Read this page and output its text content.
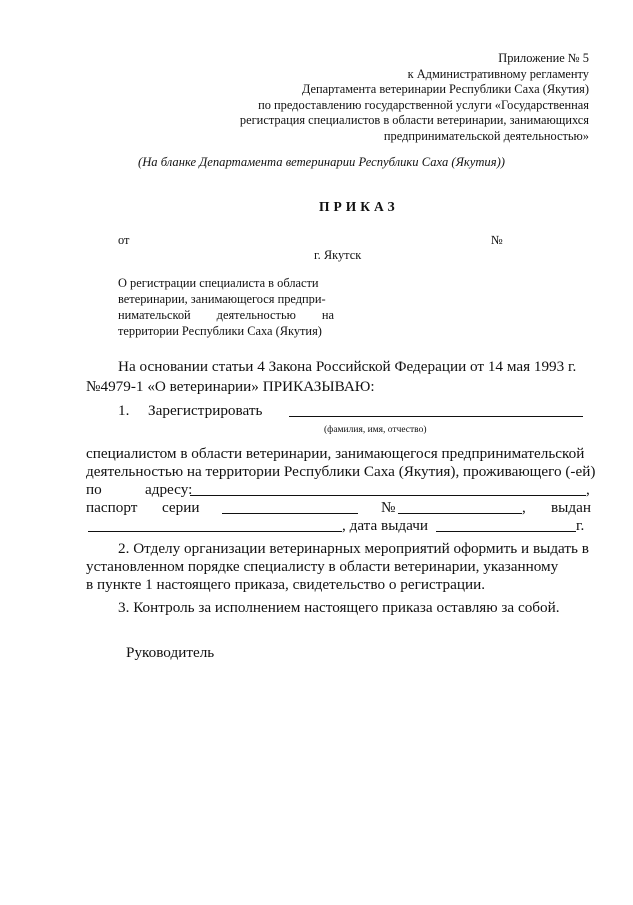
Приложение № 5
к Административному регламенту
Департамента ветеринарии Республики Саха (Якутия)
по предоставлению государственной услуги «Государственная
регистрация специалистов в области ветеринарии, занимающихся
предпринимательской деятельностью»
(На бланке Департамента ветеринарии Республики Саха (Якутия))
ПРИКАЗ
от	№
г. Якутск
О регистрации специалиста в области
ветеринарии, занимающегося предпри-
нимательской деятельностью на
территории Республики Саха (Якутия)
На основании статьи 4 Закона Российской Федерации от 14 мая 1993 г.
№4979-1 «О ветеринарии» ПРИКАЗЫВАЮ:
1. Зарегистрировать
(фамилия, имя, отчество)
специалистом в области ветеринарии, занимающегося предпринимательской
деятельностью на территории Республики Саха (Якутия), проживающего (-ей)
по	адресу:	,
паспорт серии	№	, выдан
, дата выдачи	г.
2. Отделу организации ветеринарных мероприятий оформить и выдать в
установленном порядке специалисту в области ветеринарии, указанному
в пункте 1 настоящего приказа, свидетельство о регистрации.
3. Контроль за исполнением настоящего приказа оставляю за собой.
Руководитель
